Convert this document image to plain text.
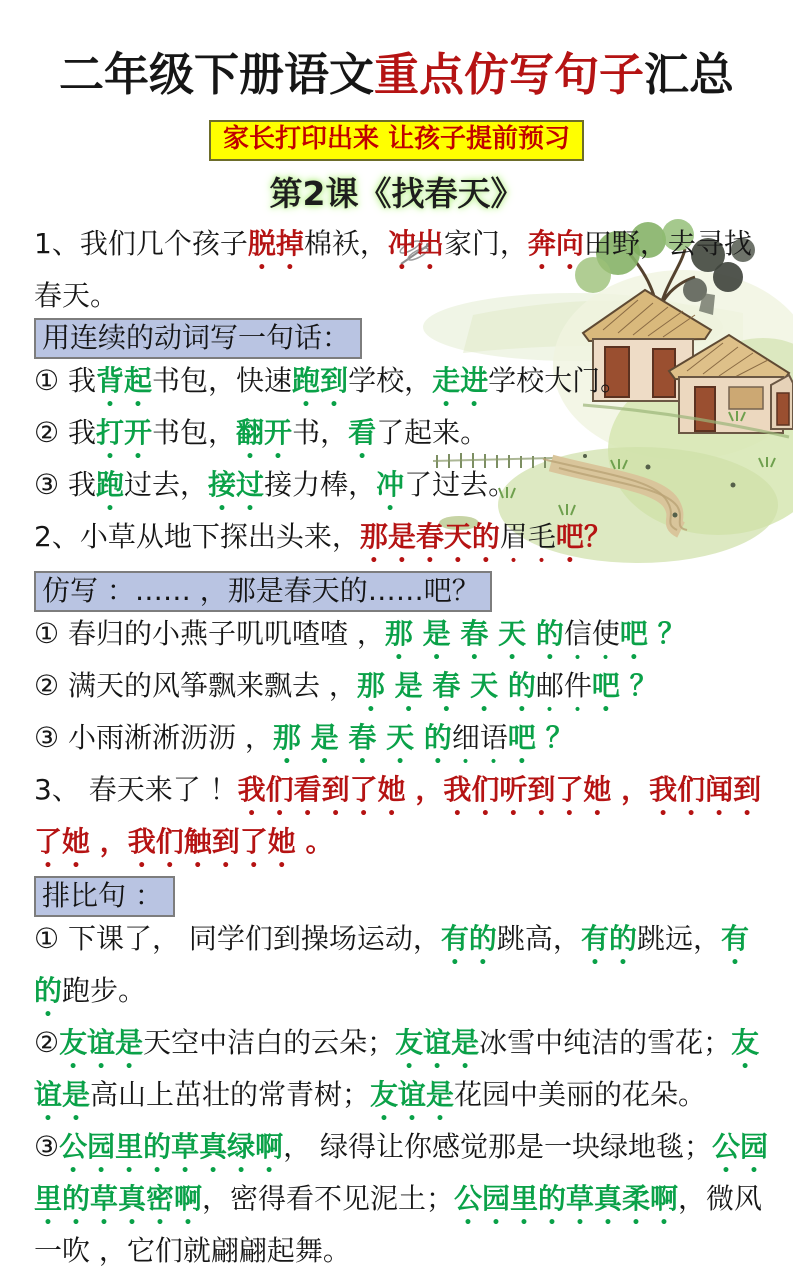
二年级下册语文重点仿写句子汇总
家长打印出来 让孩子提前预习
第2课《找春天》
1、我们几个孩子脱掉棉袄，冲出家门，奔向田野，去寻找春天。
用连续的动词写一句话：
① 我背起书包，快速跑到学校，走进学校大门。
② 我打开书包，翻开书，看了起来。
③ 我跑过去，接过接力棒，冲了过去。
2、小草从地下探出头来，那是春天的眉毛吧？
仿写 ：…… ，那是春天的……吧？
① 春归的小燕子叽叽喳喳 ，那 是 春 天 的信使吧 ？
② 满天的风筝飘来飘去 ，那 是 春 天 的邮件吧 ？
③ 小雨淅淅沥沥 ，那 是 春 天 的细语吧 ？
3、 春天来了 ！我们看到了她 ，我们听到了她 ，我们闻到了她 ，我们触到了她 。
排比句 ：
① 下课了， 同学们到操场运动，有的跳高，有的跳远，有的跑步。
②友谊是天空中洁白的云朵；友谊是冰雪中纯洁的雪花；友谊是高山上茁壮的常青树；友谊是花园中美丽的花朵。
③公园里的草真绿啊， 绿得让你感觉那是一块绿地毯；公园里的草真密啊，密得看不见泥土；公园里的草真柔啊，微风一吹 ，它们就翩翩起舞。
